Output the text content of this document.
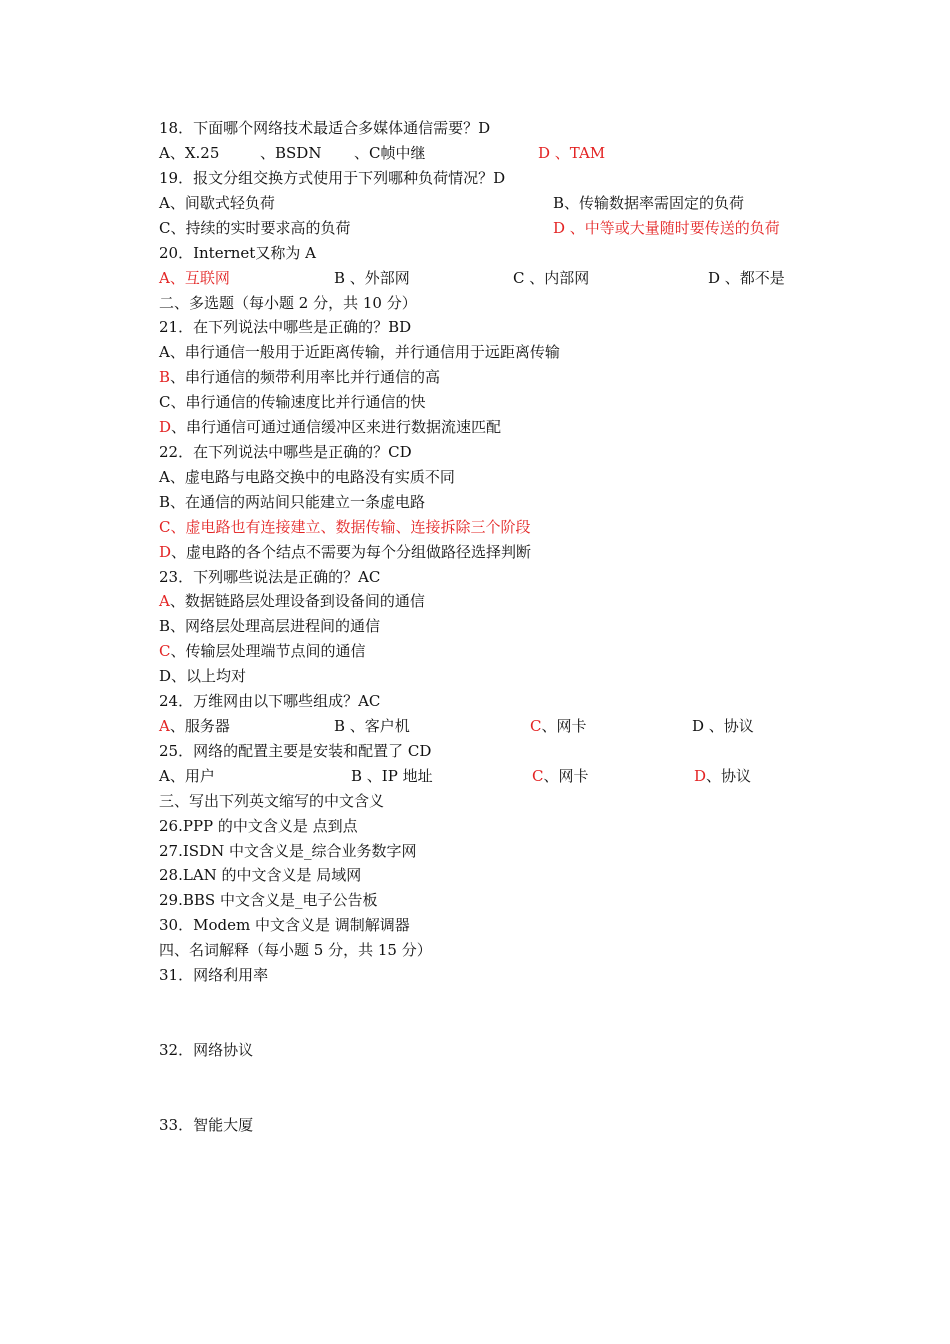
18．下面哪个网络技术最适合多媒体通信需要？D
A、X.25	、BSDN 、C帧中继	D 、TAM
19．报文分组交换方式使用于下列哪种负荷情况？D
A、间歇式轻负荷	B、传输数据率需固定的负荷
C、持续的实时要求高的负荷	D 、中等或大量随时要传送的负荷
20．Internet又称为 A
A、互联网	B 、外部网	C 、内部网	D 、都不是
二、多选题（每小题 2 分，共 10 分）
21．在下列说法中哪些是正确的？BD
A、串行通信一般用于近距离传输，并行通信用于远距离传输
B、串行通信的频带利用率比并行通信的高
C、串行通信的传输速度比并行通信的快
D、串行通信可通过通信缓冲区来进行数据流速匹配
22．在下列说法中哪些是正确的？CD
A、虚电路与电路交换中的电路没有实质不同
B、在通信的两站间只能建立一条虚电路
C、虚电路也有连接建立、数据传输、连接拆除三个阶段
D、虚电路的各个结点不需要为每个分组做路径选择判断
23．下列哪些说法是正确的？AC
A、数据链路层处理设备到设备间的通信
B、网络层处理高层进程间的通信
C、传输层处理端节点间的通信
D、以上均对
24．万维网由以下哪些组成？AC
A、服务器	B 、客户机	C、网卡	D 、协议
25．网络的配置主要是安装和配置了 CD
A、用户	B 、IP 地址	C、网卡	D、协议
三、写出下列英文缩写的中文含义
26.PPP 的中文含义是 点到点
27.ISDN 中文含义是_综合业务数字网
28.LAN 的中文含义是 局域网
29.BBS 中文含义是_电子公告板
30．Modem 中文含义是 调制解调器
四、名词解释（每小题 5 分，共 15 分）
31．网络利用率
32．网络协议
33．智能大厦
